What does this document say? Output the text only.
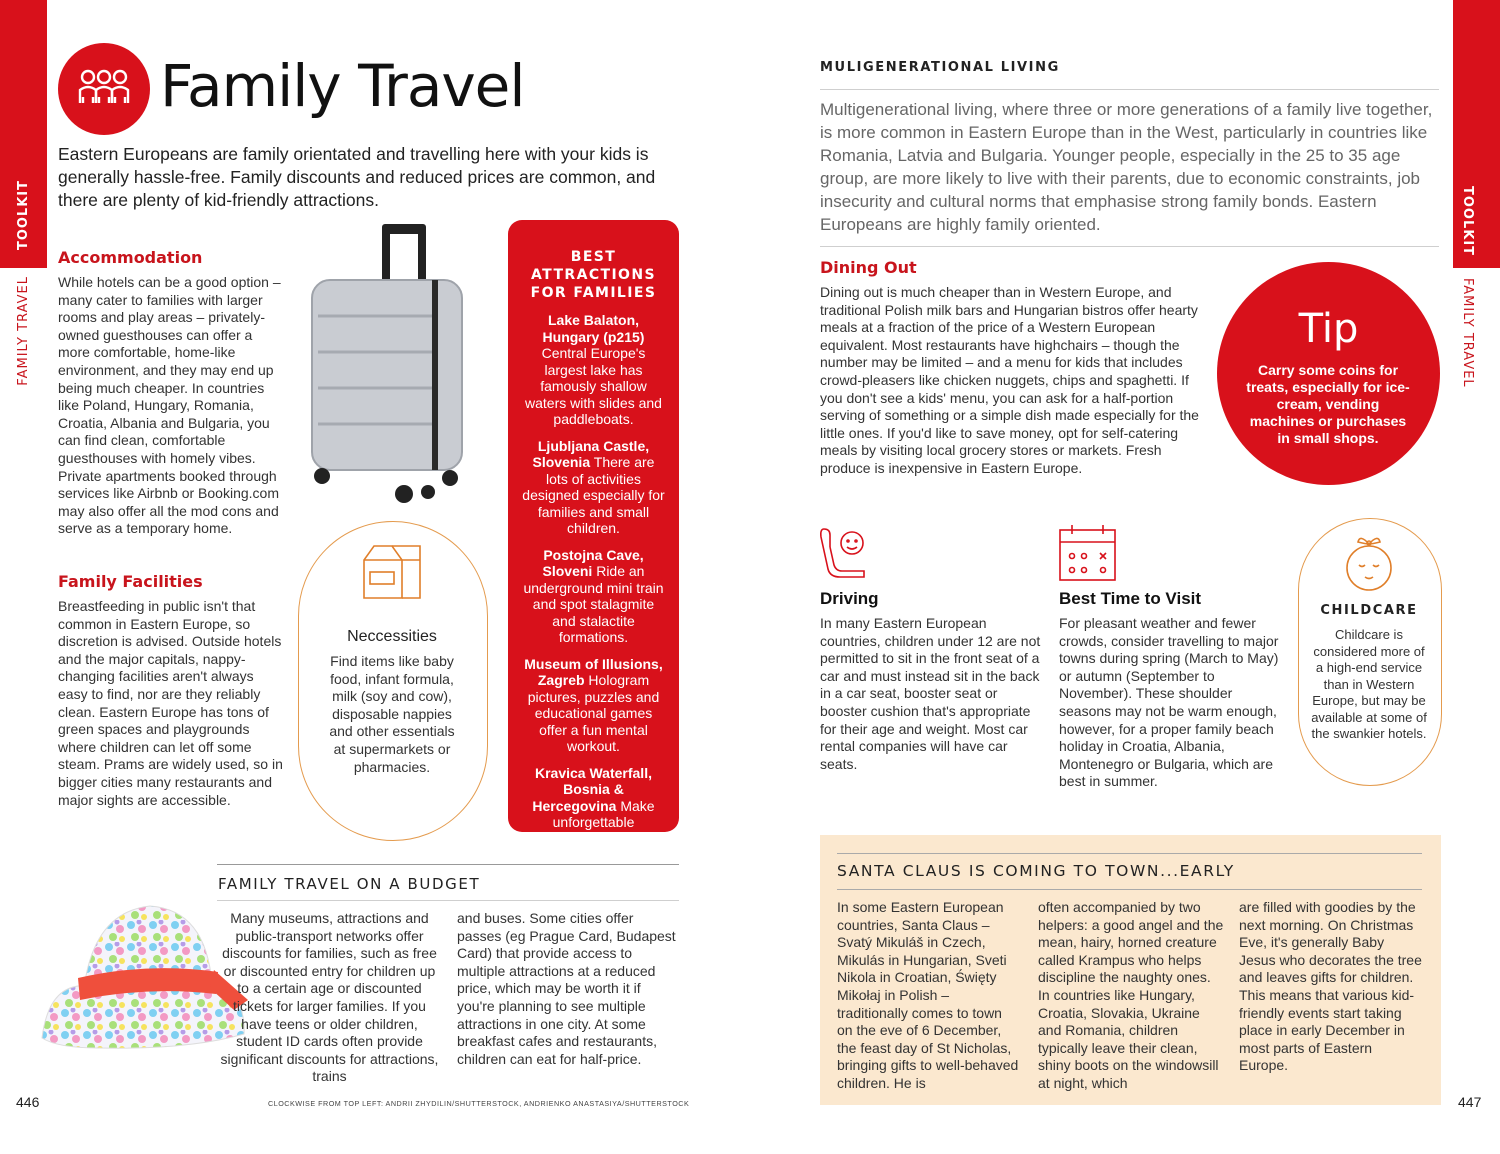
TOOLKIT
FAMILY TRAVEL
Family Travel
Eastern Europeans are family orientated and travelling here with your kids is generally hassle-free. Family discounts and reduced prices are common, and there are plenty of kid-friendly attractions.
Accommodation
While hotels can be a good option – many cater to families with larger rooms and play areas – privately-owned guesthouses can offer a more comfortable, home-like environment, and they may end up being much cheaper. In countries like Poland, Hungary, Romania, Croatia, Albania and Bulgaria, you can find clean, comfortable guesthouses with homely vibes. Private apartments booked through services like Airbnb or Booking.com may also offer all the mod cons and serve as a temporary home.
Family Facilities
Breastfeeding in public isn't that common in Eastern Europe, so discretion is advised. Outside hotels and the major capitals, nappy-changing facilities aren't always easy to find, nor are they reliably clean. Eastern Europe has tons of green spaces and playgrounds where children can let off some steam. Prams are widely used, so in bigger cities many restaurants and major sights are accessible.
Neccessities
Find items like baby food, infant formula, milk (soy and cow), disposable nappies and other essentials at supermarkets or pharmacies.
BEST ATTRACTIONS FOR FAMILIES
Lake Balaton, Hungary (p215) Central Europe's largest lake has famously shallow waters with slides and paddleboats.
Ljubljana Castle, Slovenia There are lots of activities designed especially for families and small children.
Postojna Cave, Sloveni Ride an underground mini train and spot stalagmite and stalactite formations.
Museum of Illusions, Zagreb Hologram pictures, puzzles and educational games offer a fun mental workout.
Kravica Waterfall, Bosnia & Hercegovina Make unforgettable memories of swimming beneath a waterfall.
FAMILY TRAVEL ON A BUDGET
Many museums, attractions and public-transport networks offer discounts for families, such as free or discounted entry for children up to a certain age or discounted tickets for larger families. If you have teens or older children, student ID cards often provide significant discounts for attractions, trains
and buses. Some cities offer passes (eg Prague Card, Budapest Card) that provide access to multiple attractions at a reduced price, which may be worth it if you're planning to see multiple attractions in one city. At some breakfast cafes and restaurants, children can eat for half-price.
446	CLOCKWISE FROM TOP LEFT: ANDRII ZHYDILIN/SHUTTERSTOCK, ANDRIENKO ANASTASIYA/SHUTTERSTOCK
TOOLKIT
FAMILY TRAVEL
MULIGENERATIONAL LIVING
Multigenerational living, where three or more generations of a family live together, is more common in Eastern Europe than in the West, particularly in countries like Romania, Latvia and Bulgaria. Younger people, especially in the 25 to 35 age group, are more likely to live with their parents, due to economic constraints, job insecurity and cultural norms that emphasise strong family bonds. Eastern Europeans are highly family oriented.
Dining Out
Dining out is much cheaper than in Western Europe, and traditional Polish milk bars and Hungarian bistros offer hearty meals at a fraction of the price of a Western European equivalent. Most restaurants have highchairs – though the number may be limited – and a menu for kids that includes crowd-pleasers like chicken nuggets, chips and spaghetti. If you don't see a kids' menu, you can ask for a half-portion serving of something or a simple dish made especially for the little ones. If you'd like to save money, opt for self-catering meals by visiting local grocery stores or markets. Fresh produce is inexpensive in Eastern Europe.
Tip
Carry some coins for treats, especially for ice-cream, vending machines or purchases in small shops.
Driving
In many Eastern European countries, children under 12 are not permitted to sit in the front seat of a car and must instead sit in the back in a car seat, booster seat or booster cushion that's appropriate for their age and weight. Most car rental companies will have car seats.
Best Time to Visit
For pleasant weather and fewer crowds, consider travelling to major towns during spring (March to May) or autumn (September to November). These shoulder seasons may not be warm enough, however, for a proper family beach holiday in Croatia, Albania, Montenegro or Bulgaria, which are best in summer.
CHILDCARE
Childcare is considered more of a high-end service than in Western Europe, but may be available at some of the swankier hotels.
SANTA CLAUS IS COMING TO TOWN...EARLY
In some Eastern European countries, Santa Claus – Svatý Mikuláš in Czech, Mikulás in Hungarian, Sveti Nikola in Croatian, Święty Mikołaj in Polish – traditionally comes to town on the eve of 6 December, the feast day of St Nicholas, bringing gifts to well-behaved children. He is
often accompanied by two helpers: a good angel and the mean, hairy, horned creature called Krampus who helps discipline the naughty ones. In countries like Hungary, Croatia, Slovakia, Ukraine and Romania, children typically leave their clean, shiny boots on the windowsill at night, which
are filled with goodies by the next morning. On Christmas Eve, it's generally Baby Jesus who decorates the tree and leaves gifts for children. This means that various kid-friendly events start taking place in early December in most parts of Eastern Europe.
447
